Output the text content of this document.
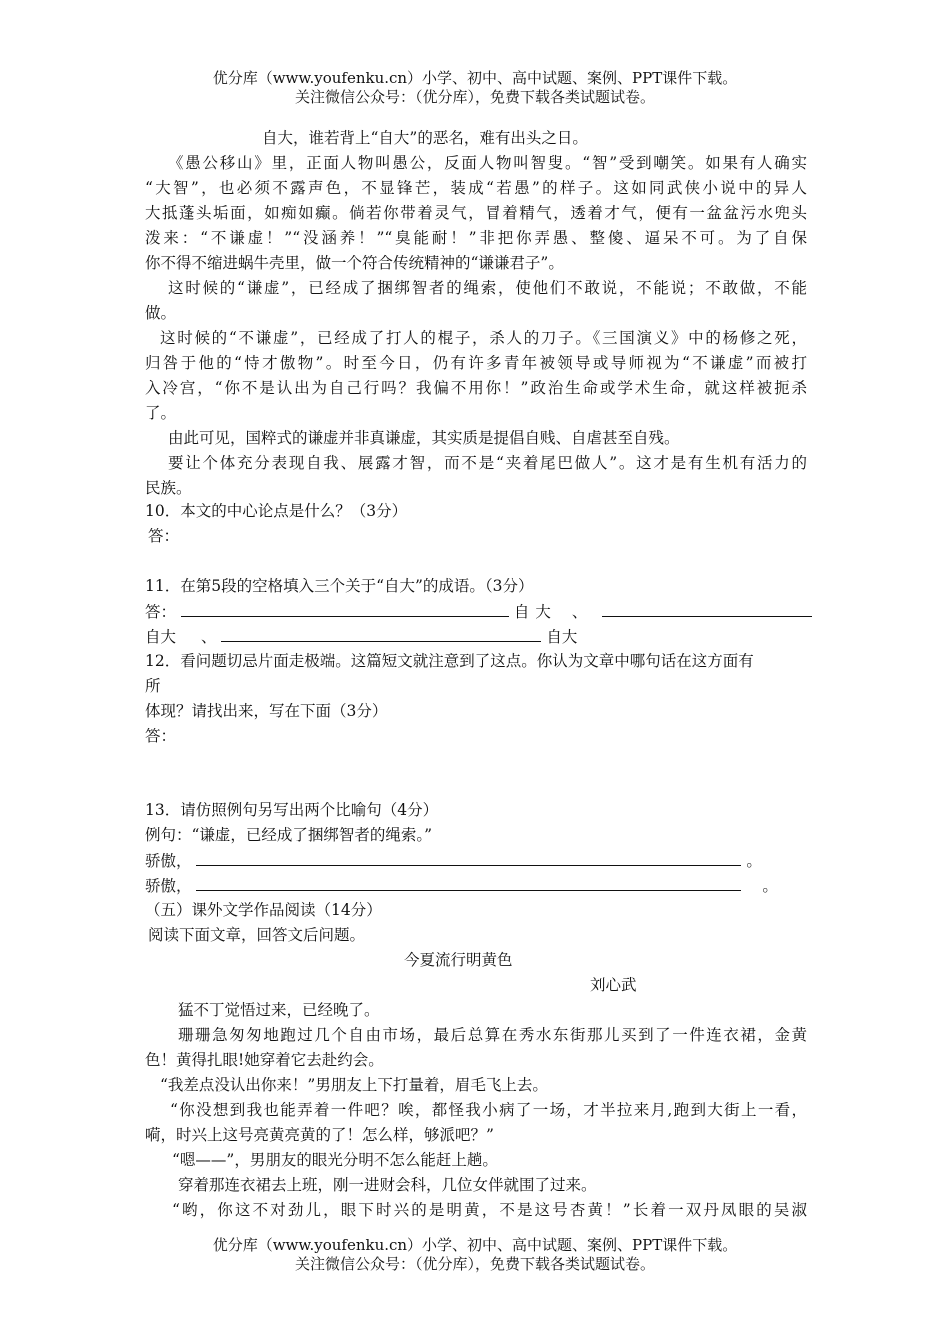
优分库（www.youfenku.cn）小学、初中、高中试题、案例、PPT课件下载。
关注微信公众号：（优分库），免费下载各类试题试卷。
自大，谁若背上“自大”的恶名，难有出头之日。
《愚公移山》里，正面人物叫愚公，反面人物叫智叟。“智”受到嘲笑。如果有人确实
“大智”，也必须不露声色，不显锋芒，装成“若愚”的样子。这如同武侠小说中的异人
大抵蓬头垢面，如痴如癫。倘若你带着灵气，冒着精气，透着才气，便有一盆盆污水兜头
泼来：“不谦虚！”“没涵养！”“臭能耐！”非把你弄愚、整傻、逼呆不可。为了自保
你不得不缩进蜗牛壳里，做一个符合传统精神的“谦谦君子”。
这时候的“谦虚”，已经成了捆绑智者的绳索，使他们不敢说，不能说；不敢做，不能
做。
这时候的“不谦虚”，已经成了打人的棍子，杀人的刀子。《三国演义》中的杨修之死，
归咎于他的“恃才傲物”。时至今日，仍有许多青年被领导或导师视为“不谦虚”而被打
入冷宫，“你不是认出为自己行吗？我偏不用你！”政治生命或学术生命，就这样被扼杀
了。
由此可见，国粹式的谦虚并非真谦虚，其实质是提倡自贱、自虐甚至自残。
要让个体充分表现自我、展露才智，而不是“夹着尾巴做人”。这才是有生机有活力的
民族。
10．本文的中心论点是什么？（3分）
答：
11．在第5段的空格填入三个关于“自大”的成语。（3分）
答：	自大 、
自大 、	自大
12．看问题切忌片面走极端。这篇短文就注意到了这点。你认为文章中哪句话在这方面有
所
体现？请找出来，写在下面（3分）
答：
13．请仿照例句另写出两个比喻句（4分）
例句：“谦虚，已经成了捆绑智者的绳索。”
骄傲，	。
骄傲，	。
（五）课外文学作品阅读（14分）
阅读下面文章，回答文后问题。
今夏流行明黄色
刘心武
猛不丁觉悟过来，已经晚了。
珊珊急匆匆地跑过几个自由市场，最后总算在秀水东街那儿买到了一件连衣裙，金黄
色！黄得扎眼!她穿着它去赴约会。
“我差点没认出你来！”男朋友上下打量着，眉毛飞上去。
“你没想到我也能弄着一件吧？唉，都怪我小病了一场，才半拉来月,跑到大街上一看，
嗬，时兴上这号亮黄亮黄的了！怎么样，够派吧？”
“嗯——”，男朋友的眼光分明不怎么能赶上趟。
穿着那连衣裙去上班，刚一进财会科，几位女伴就围了过来。
“哟，你这不对劲儿，眼下时兴的是明黄，不是这号杏黄！”长着一双丹凤眼的吴淑
优分库（www.youfenku.cn）小学、初中、高中试题、案例、PPT课件下载。
关注微信公众号：（优分库），免费下载各类试题试卷。
